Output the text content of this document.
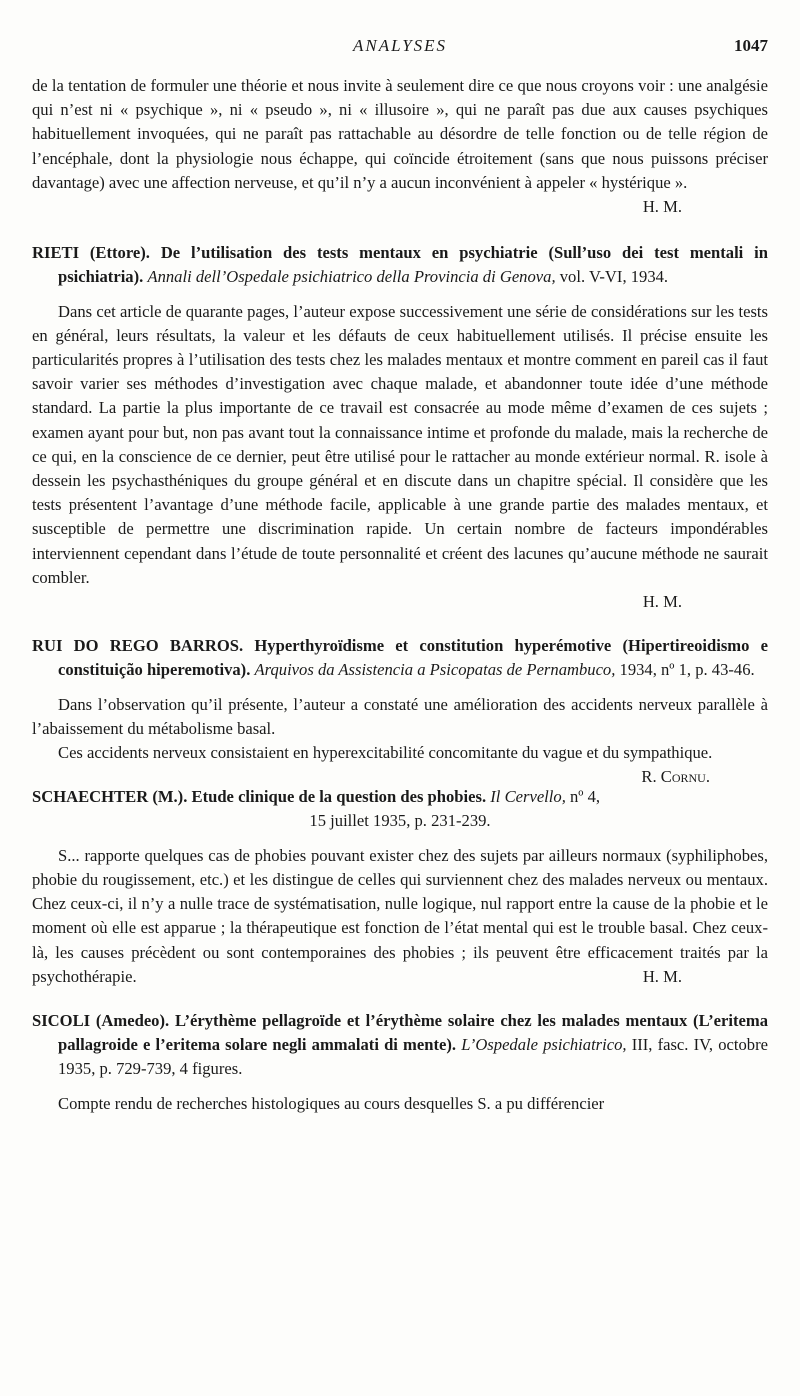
ANALYSES	1047

de la tentation de formuler une théorie et nous invite à seulement dire ce que nous croyons voir : une analgésie qui n’est ni « psychique », ni « pseudo », ni « illusoire », qui ne paraît pas due aux causes psychiques habituellement invoquées, qui ne paraît pas rattachable au désordre de telle fonction ou de telle région de l’encéphale, dont la physiologie nous échappe, qui coïncide étroitement (sans que nous puissons préciser davantage) avec une affection nerveuse, et qu’il n’y a aucun inconvénient à appeler « hystérique ».

H. M.

RIETI (Ettore). De l’utilisation des tests mentaux en psychiatrie (Sull’uso dei test mentali in psichiatria). Annali dell’Ospedale psichiatrico della Provincia di Genova, vol. V-VI, 1934.

Dans cet article de quarante pages, l’auteur expose successivement une série de considérations sur les tests en général, leurs résultats, la valeur et les défauts de ceux habituellement utilisés. Il précise ensuite les particularités propres à l’utilisation des tests chez les malades mentaux et montre comment en pareil cas il faut savoir varier ses méthodes d’investigation avec chaque malade, et abandonner toute idée d’une méthode standard. La partie la plus importante de ce travail est consacrée au mode même d’examen de ces sujets ; examen ayant pour but, non pas avant tout la connaissance intime et profonde du malade, mais la recherche de ce qui, en la conscience de ce dernier, peut être utilisé pour le rattacher au monde extérieur normal. R. isole à dessein les psychasthéniques du groupe général et en discute dans un chapitre spécial. Il considère que les tests présentent l’avantage d’une méthode facile, applicable à une grande partie des malades mentaux, et susceptible de permettre une discrimination rapide. Un certain nombre de facteurs impondérables interviennent cependant dans l’étude de toute personnalité et créent des lacunes qu’aucune méthode ne saurait combler.

H. M.

RUI DO REGO BARROS. Hyperthyroïdisme et constitution hyperémotive (Hipertireoidismo e constituição hiperemotiva). Arquivos da Assistencia a Psicopatas de Pernambuco, 1934, nº 1, p. 43-46.

Dans l’observation qu’il présente, l’auteur a constaté une amélioration des accidents nerveux parallèle à l’abaissement du métabolisme basal.

Ces accidents nerveux consistaient en hyperexcitabilité concomitante du vague et du sympathique.
R. Cornu.

SCHAECHTER (M.). Etude clinique de la question des phobies. Il Cervello, nº 4,

15 juillet 1935, p. 231-239.

S... rapporte quelques cas de phobies pouvant exister chez des sujets par ailleurs normaux (syphiliphobes, phobie du rougissement, etc.) et les distingue de celles qui surviennent chez des malades nerveux ou mentaux. Chez ceux-ci, il n’y a nulle trace de systématisation, nulle logique, nul rapport entre la cause de la phobie et le moment où elle est apparue ; la thérapeutique est fonction de l’état mental qui est le trouble basal. Chez ceux-là, les causes précèdent ou sont contemporaines des phobies ; ils peuvent être efficacement traités par la psychothérapie.	H. M.

SICOLI (Amedeo). L’érythème pellagroïde et l’érythème solaire chez les malades mentaux (L’eritema pallagroide e l’eritema solare negli ammalati di mente). L’Ospedale psichiatrico, III, fasc. IV, octobre 1935, p. 729-739, 4 figures.

Compte rendu de recherches histologiques au cours desquelles S. a pu différencier
